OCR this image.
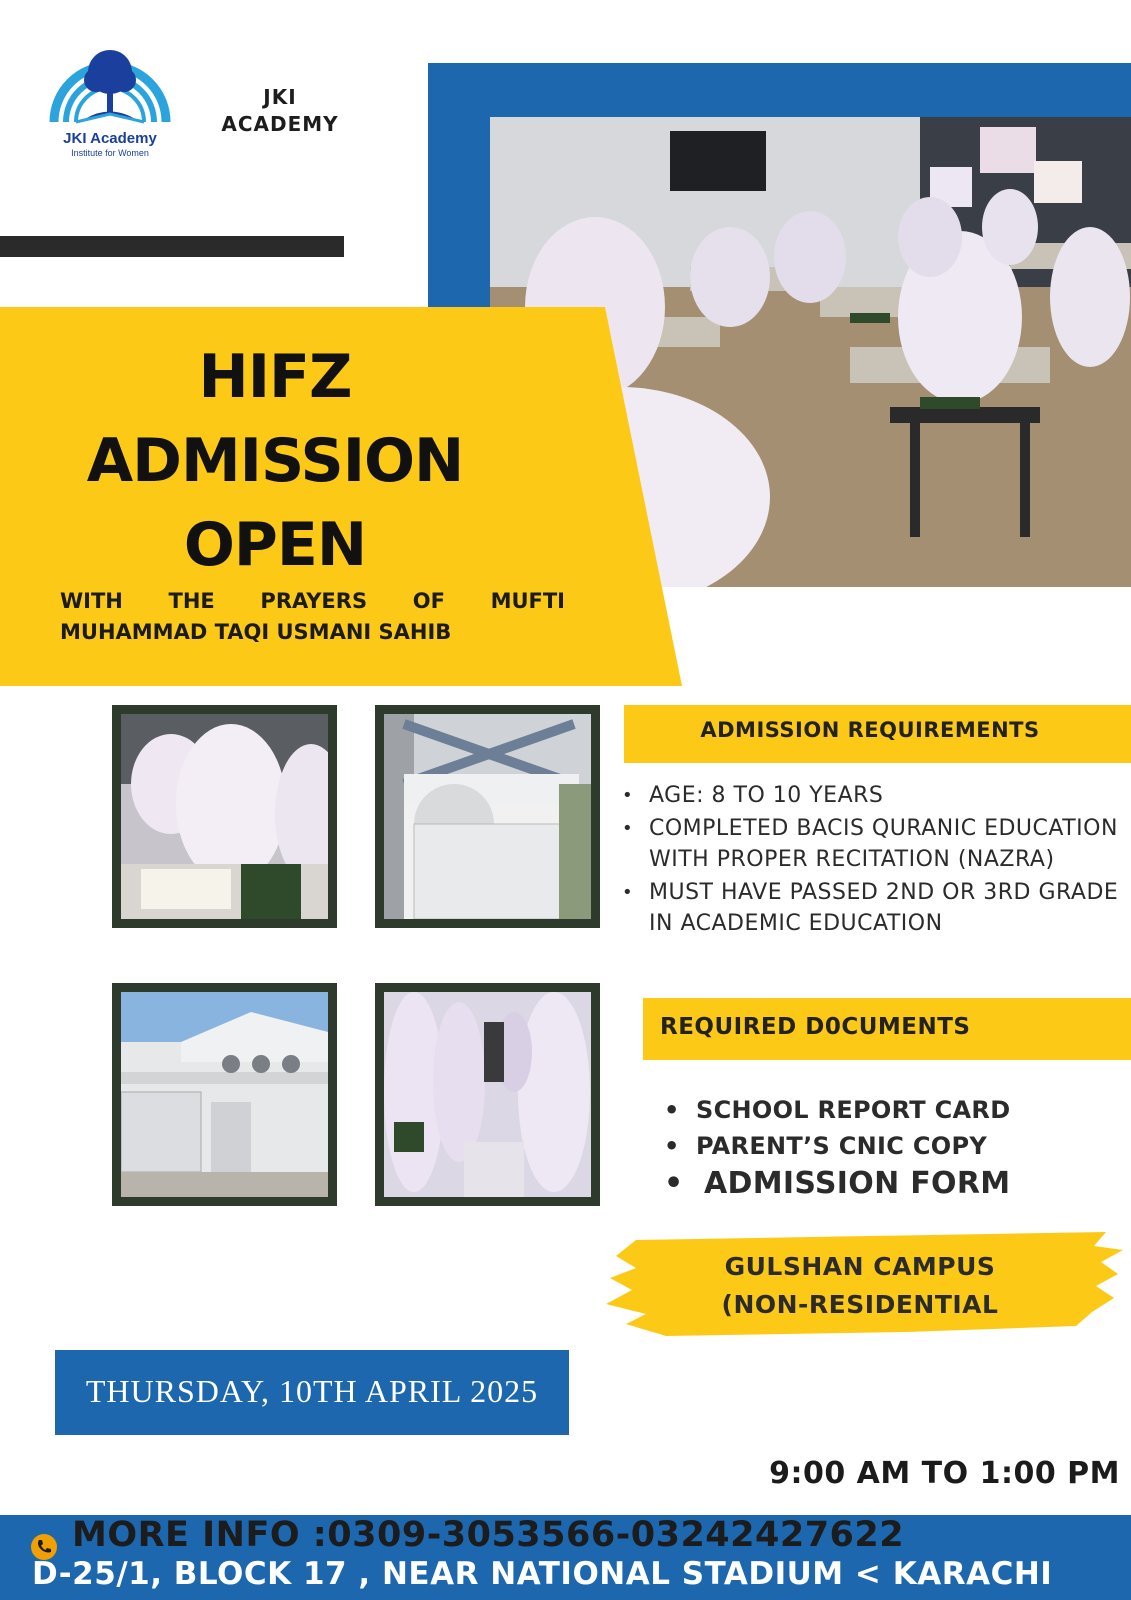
JKI Academy
Institute for Women
JKI
ACADEMY
HIFZ
ADMISSION
OPEN
WITH THE PRAYERS OF MUFTI
MUHAMMAD TAQI USMANI SAHIB
ADMISSION REQUIREMENTS
• AGE: 8 TO 10 YEARS
• COMPLETED BACIS QURANIC EDUCATION WITH PROPER RECITATION (NAZRA)
• MUST HAVE PASSED 2ND OR 3RD GRADE IN ACADEMIC EDUCATION
REQUIRED D0CUMENTS
• SCHOOL REPORT CARD
• PARENT’S CNIC COPY
• ADMISSION FORM
GULSHAN CAMPUS
(NON-RESIDENTIAL
THURSDAY, 10TH APRIL 2025
9:00 AM TO 1:00 PM
MORE INFO :0309-3053566-03242427622
D-25/1, BLOCK 17 , NEAR NATIONAL STADIUM < KARACHI
